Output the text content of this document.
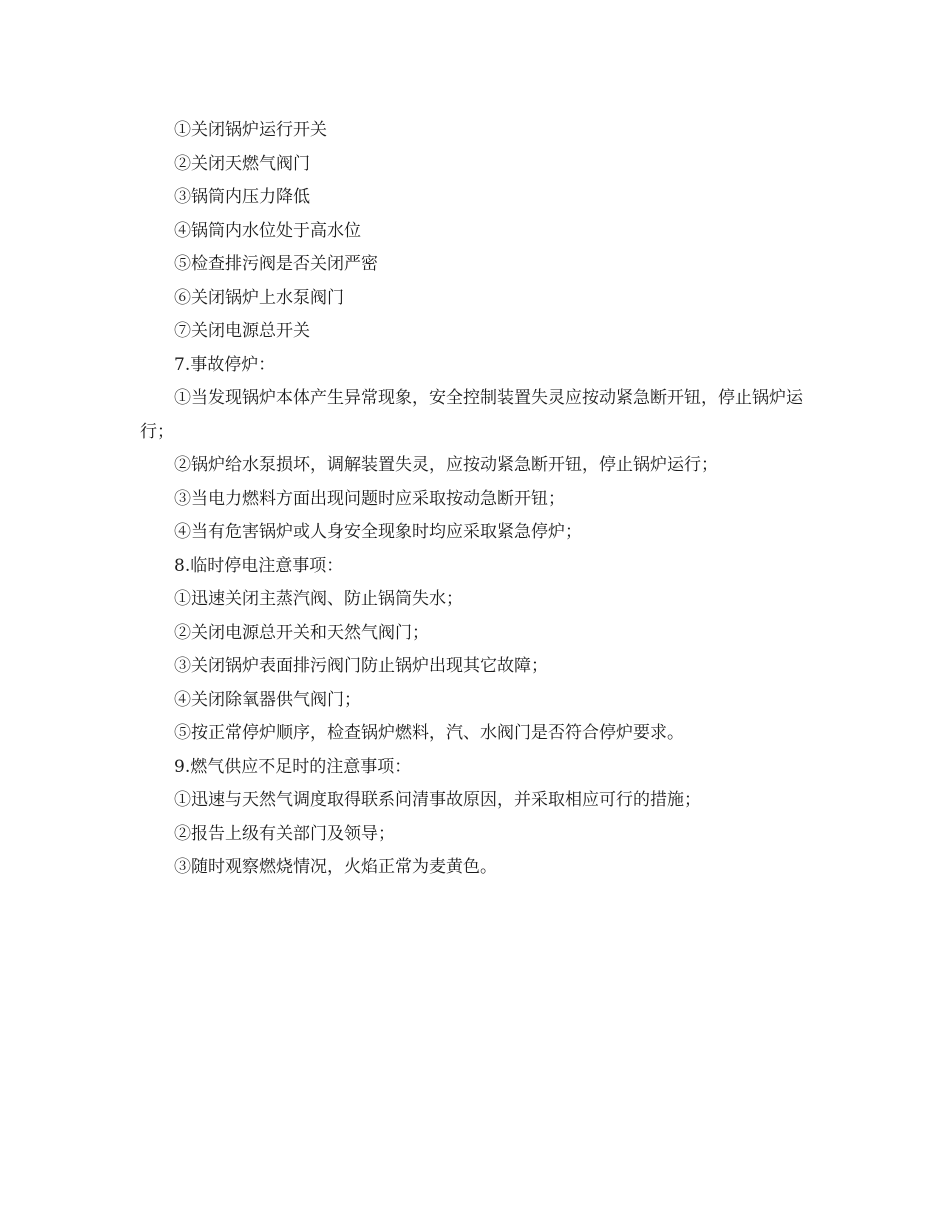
①关闭锅炉运行开关

②关闭天燃气阀门

③锅筒内压力降低

④锅筒内水位处于高水位

⑤检查排污阀是否关闭严密

⑥关闭锅炉上水泵阀门

⑦关闭电源总开关

7.事故停炉：

①当发现锅炉本体产生异常现象，安全控制装置失灵应按动紧急断开钮，停止锅炉运行；

②锅炉给水泵损坏，调解装置失灵，应按动紧急断开钮，停止锅炉运行；

③当电力燃料方面出现问题时应采取按动急断开钮；

④当有危害锅炉或人身安全现象时均应采取紧急停炉；

8.临时停电注意事项：

①迅速关闭主蒸汽阀、防止锅筒失水；

②关闭电源总开关和天然气阀门；

③关闭锅炉表面排污阀门防止锅炉出现其它故障；

④关闭除氧器供气阀门；

⑤按正常停炉顺序，检查锅炉燃料，汽、水阀门是否符合停炉要求。

9.燃气供应不足时的注意事项：

①迅速与天然气调度取得联系问清事故原因，并采取相应可行的措施；

②报告上级有关部门及领导；

③随时观察燃烧情况，火焰正常为麦黄色。
